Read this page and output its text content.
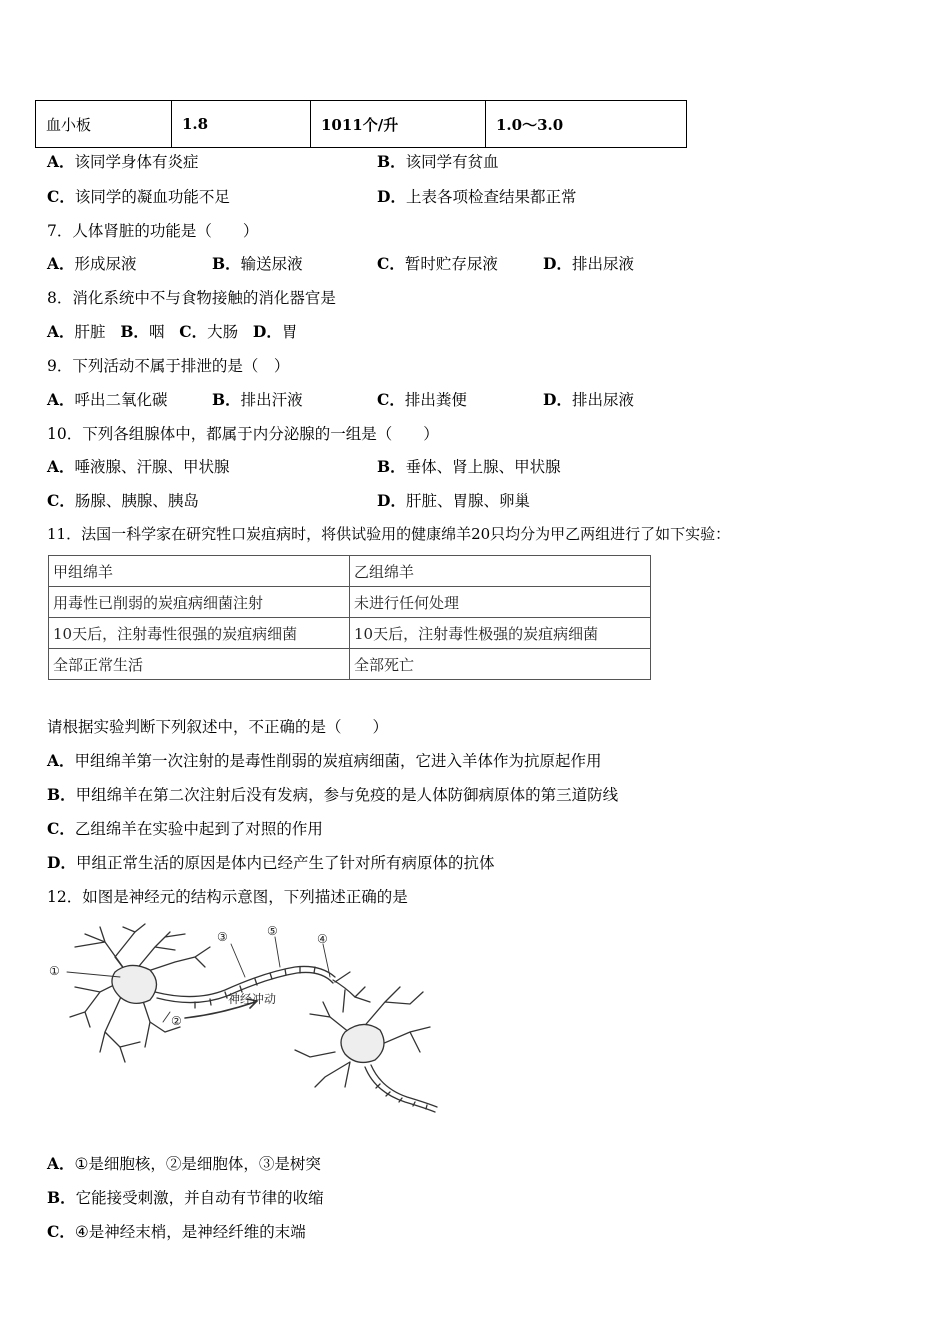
血小板	1.8	1011个/升	1.0～3.0
A．该同学身体有炎症	B．该同学有贫血
C．该同学的凝血功能不足	D．上表各项检查结果都正常
7．人体肾脏的功能是（　　）
A．形成尿液	B．输送尿液	C．暂时贮存尿液	D．排出尿液
8．消化系统中不与食物接触的消化器官是
A．肝脏 B．咽 C．大肠 D．胃
9．下列活动不属于排泄的是（　）
A．呼出二氧化碳	B．排出汗液	C．排出粪便	D．排出尿液
10．下列各组腺体中，都属于内分泌腺的一组是（　　）
A．唾液腺、汗腺、甲状腺	B．垂体、肾上腺、甲状腺
C．肠腺、胰腺、胰岛	D．肝脏、胃腺、卵巢
11．法国一科学家在研究牲口炭疽病时，将供试验用的健康绵羊20只均分为甲乙两组进行了如下实验：
甲组绵羊	乙组绵羊
用毒性已削弱的炭疽病细菌注射	未进行任何处理
10天后，注射毒性很强的炭疽病细菌	10天后，注射毒性极强的炭疽病细菌
全部正常生活	全部死亡
请根据实验判断下列叙述中，不正确的是（　　）
A．甲组绵羊第一次注射的是毒性削弱的炭疽病细菌，它进入羊体作为抗原起作用
B．甲组绵羊在第二次注射后没有发病，参与免疫的是人体防御病原体的第三道防线
C．乙组绵羊在实验中起到了对照的作用
D．甲组正常生活的原因是体内已经产生了针对所有病原体的抗体
12．如图是神经元的结构示意图，下列描述正确的是
①
②
③	⑤
④
神经冲动
A．①是细胞核，②是细胞体，③是树突
B．它能接受刺激，并自动有节律的收缩
C．④是神经末梢，是神经纤维的末端
